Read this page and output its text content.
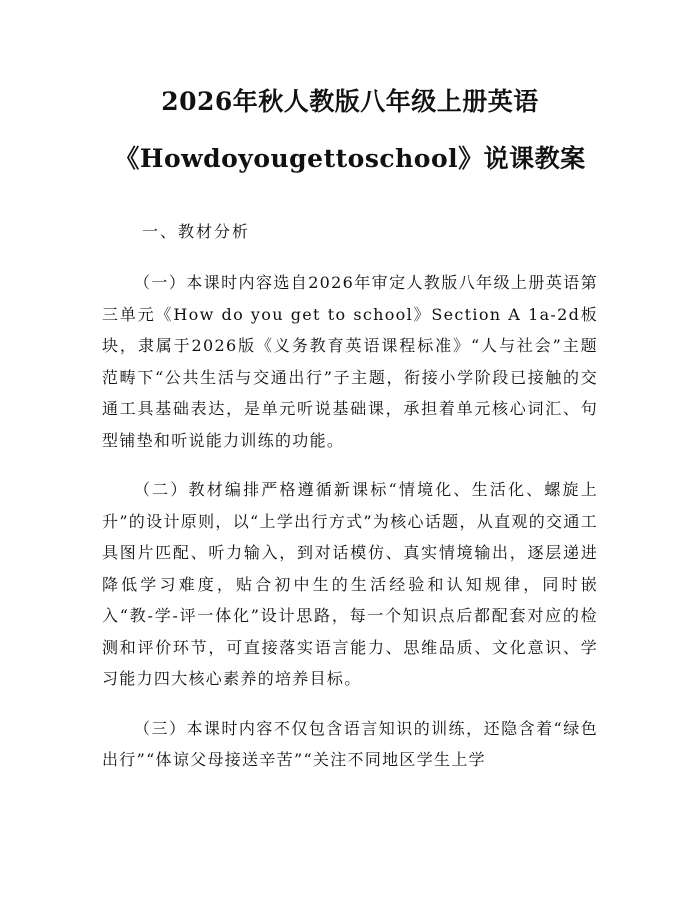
2026年秋人教版八年级上册英语
《Howdoyougettoschool》说课教案
一、教材分析

（一）本课时内容选自2026年审定人教版八年级上册英语第三单元《How do you get to school》Section A 1a-2d板块，隶属于2026版《义务教育英语课程标准》“人与社会”主题范畴下“公共生活与交通出行”子主题，衔接小学阶段已接触的交通工具基础表达，是单元听说基础课，承担着单元核心词汇、句型铺垫和听说能力训练的功能。

（二）教材编排严格遵循新课标“情境化、生活化、螺旋上升”的设计原则，以“上学出行方式”为核心话题，从直观的交通工具图片匹配、听力输入，到对话模仿、真实情境输出，逐层递进降低学习难度，贴合初中生的生活经验和认知规律，同时嵌入“教-学-评一体化”设计思路，每一个知识点后都配套对应的检测和评价环节，可直接落实语言能力、思维品质、文化意识、学习能力四大核心素养的培养目标。

（三）本课时内容不仅包含语言知识的训练，还隐含着“绿色出行”“体谅父母接送辛苦”“关注不同地区学生上学
